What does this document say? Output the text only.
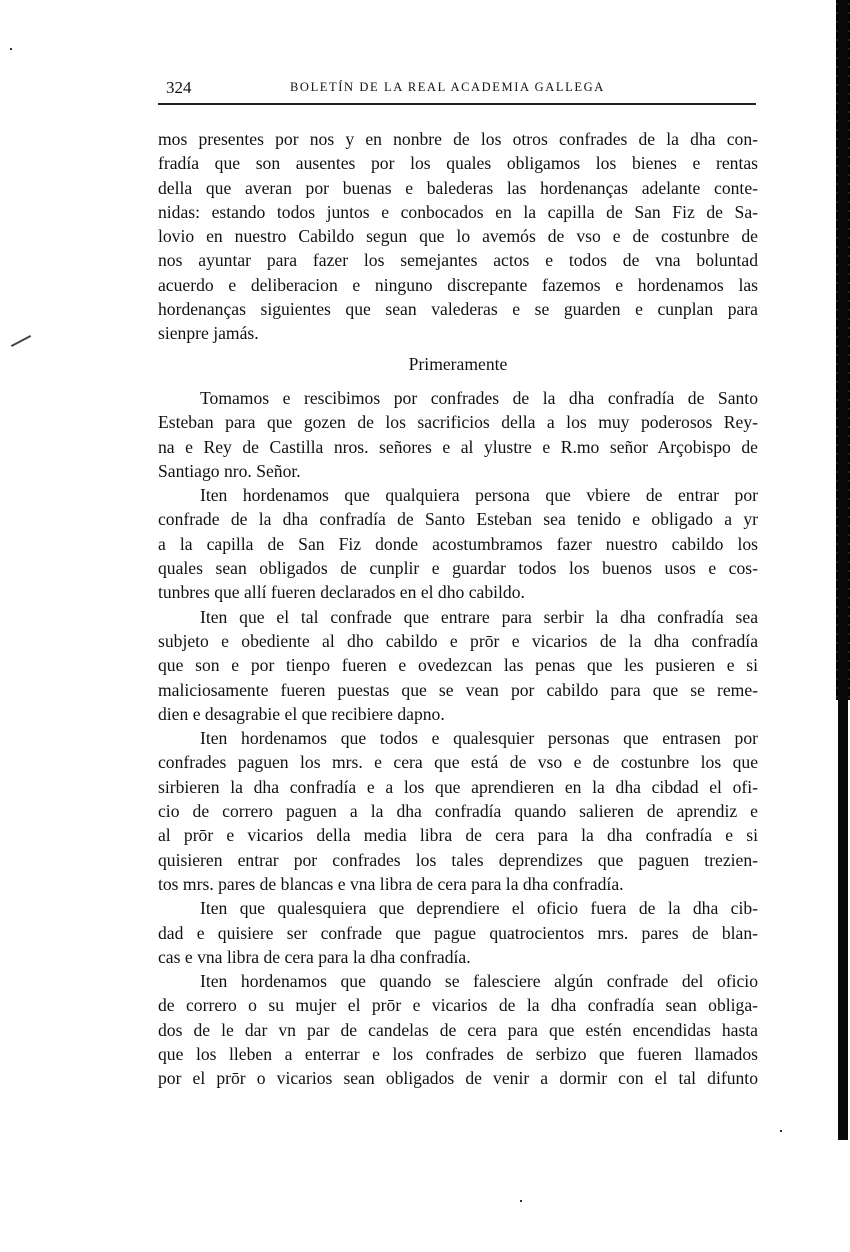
324	BOLETÍN DE LA REAL ACADEMIA GALLEGA

mos presentes por nos y en nonbre de los otros confrades de la dha con-
fradía que son ausentes por los quales obligamos los bienes e rentas
della que averan por buenas e balederas las hordenanças adelante conte-
nidas: estando todos juntos e conbocados en la capilla de San Fiz de Sa-
lovio en nuestro Cabildo segun que lo avemós de vso e de costunbre de
nos ayuntar para fazer los semejantes actos e todos de vna boluntad
acuerdo e deliberacion e ninguno discrepante fazemos e hordenamos las
hordenanças siguientes que sean valederas e se guarden e cunplan para
sienpre jamás.

Primeramente

Tomamos e rescibimos por confrades de la dha confradía de Santo
Esteban para que gozen de los sacrificios della a los muy poderosos Rey-
na e Rey de Castilla nros. señores e al ylustre e R.mo señor Arçobispo de
Santiago nro. Señor.

Iten hordenamos que qualquiera persona que vbiere de entrar por
confrade de la dha confradía de Santo Esteban sea tenido e obligado a yr
a la capilla de San Fiz donde acostumbramos fazer nuestro cabildo los
quales sean obligados de cunplir e guardar todos los buenos usos e cos-
tunbres que allí fueren declarados en el dho cabildo.

Iten que el tal confrade que entrare para serbir la dha confradía sea
subjeto e obediente al dho cabildo e prōr e vicarios de la dha confradía
que son e por tienpo fueren e ovedezcan las penas que les pusieren e si
maliciosamente fueren puestas que se vean por cabildo para que se reme-
dien e desagrabie el que recibiere dapno.

Iten hordenamos que todos e qualesquier personas que entrasen por
confrades paguen los mrs. e cera que está de vso e de costunbre los que
sirbieren la dha confradía e a los que aprendieren en la dha cibdad el ofi-
cio de correro paguen a la dha confradía quando salieren de aprendiz e
al prōr e vicarios della media libra de cera para la dha confradía e si
quisieren entrar por confrades los tales deprendizes que paguen trezien-
tos mrs. pares de blancas e vna libra de cera para la dha confradía.

Iten que qualesquiera que deprendiere el oficio fuera de la dha cib-
dad e quisiere ser confrade que pague quatrocientos mrs. pares de blan-
cas e vna libra de cera para la dha confradía.

Iten hordenamos que quando se falesciere algún confrade del oficio
de correro o su mujer el prōr e vicarios de la dha confradía sean obliga-
dos de le dar vn par de candelas de cera para que estén encendidas hasta
que los lleben a enterrar e los confrades de serbizo que fueren llamados
por el prōr o vicarios sean obligados de venir a dormir con el tal difunto
